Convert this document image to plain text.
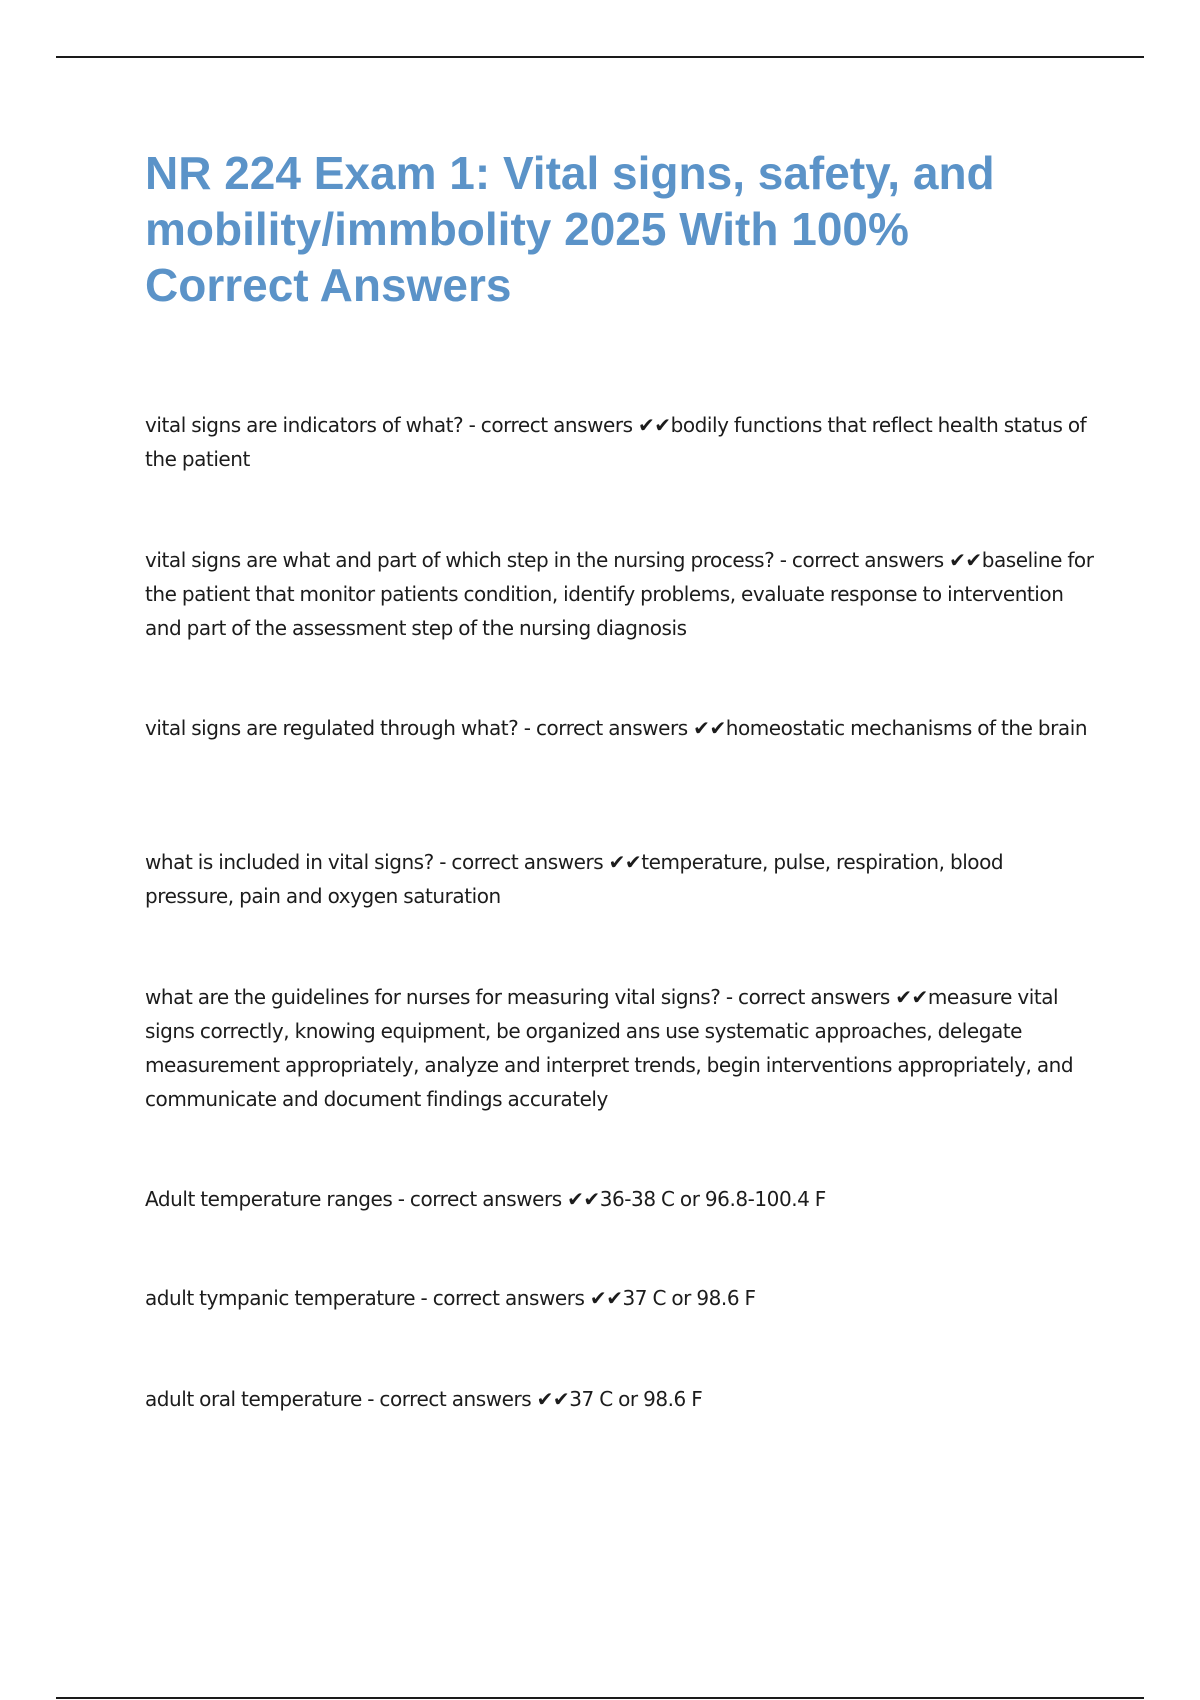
NR 224 Exam 1: Vital signs, safety, and mobility/immbolity 2025 With 100% Correct Answers

vital signs are indicators of what? - correct answers ✔✔bodily functions that reflect health status of the patient

vital signs are what and part of which step in the nursing process? - correct answers ✔✔baseline for the patient that monitor patients condition, identify problems, evaluate response to intervention and part of the assessment step of the nursing diagnosis

vital signs are regulated through what? - correct answers ✔✔homeostatic mechanisms of the brain

what is included in vital signs? - correct answers ✔✔temperature, pulse, respiration, blood pressure, pain and oxygen saturation

what are the guidelines for nurses for measuring vital signs? - correct answers ✔✔measure vital signs correctly, knowing equipment, be organized ans use systematic approaches, delegate measurement appropriately, analyze and interpret trends, begin interventions appropriately, and communicate and document findings accurately

Adult temperature ranges - correct answers ✔✔36-38 C or 96.8-100.4 F

adult tympanic temperature - correct answers ✔✔37 C or 98.6 F

adult oral temperature - correct answers ✔✔37 C or 98.6 F
